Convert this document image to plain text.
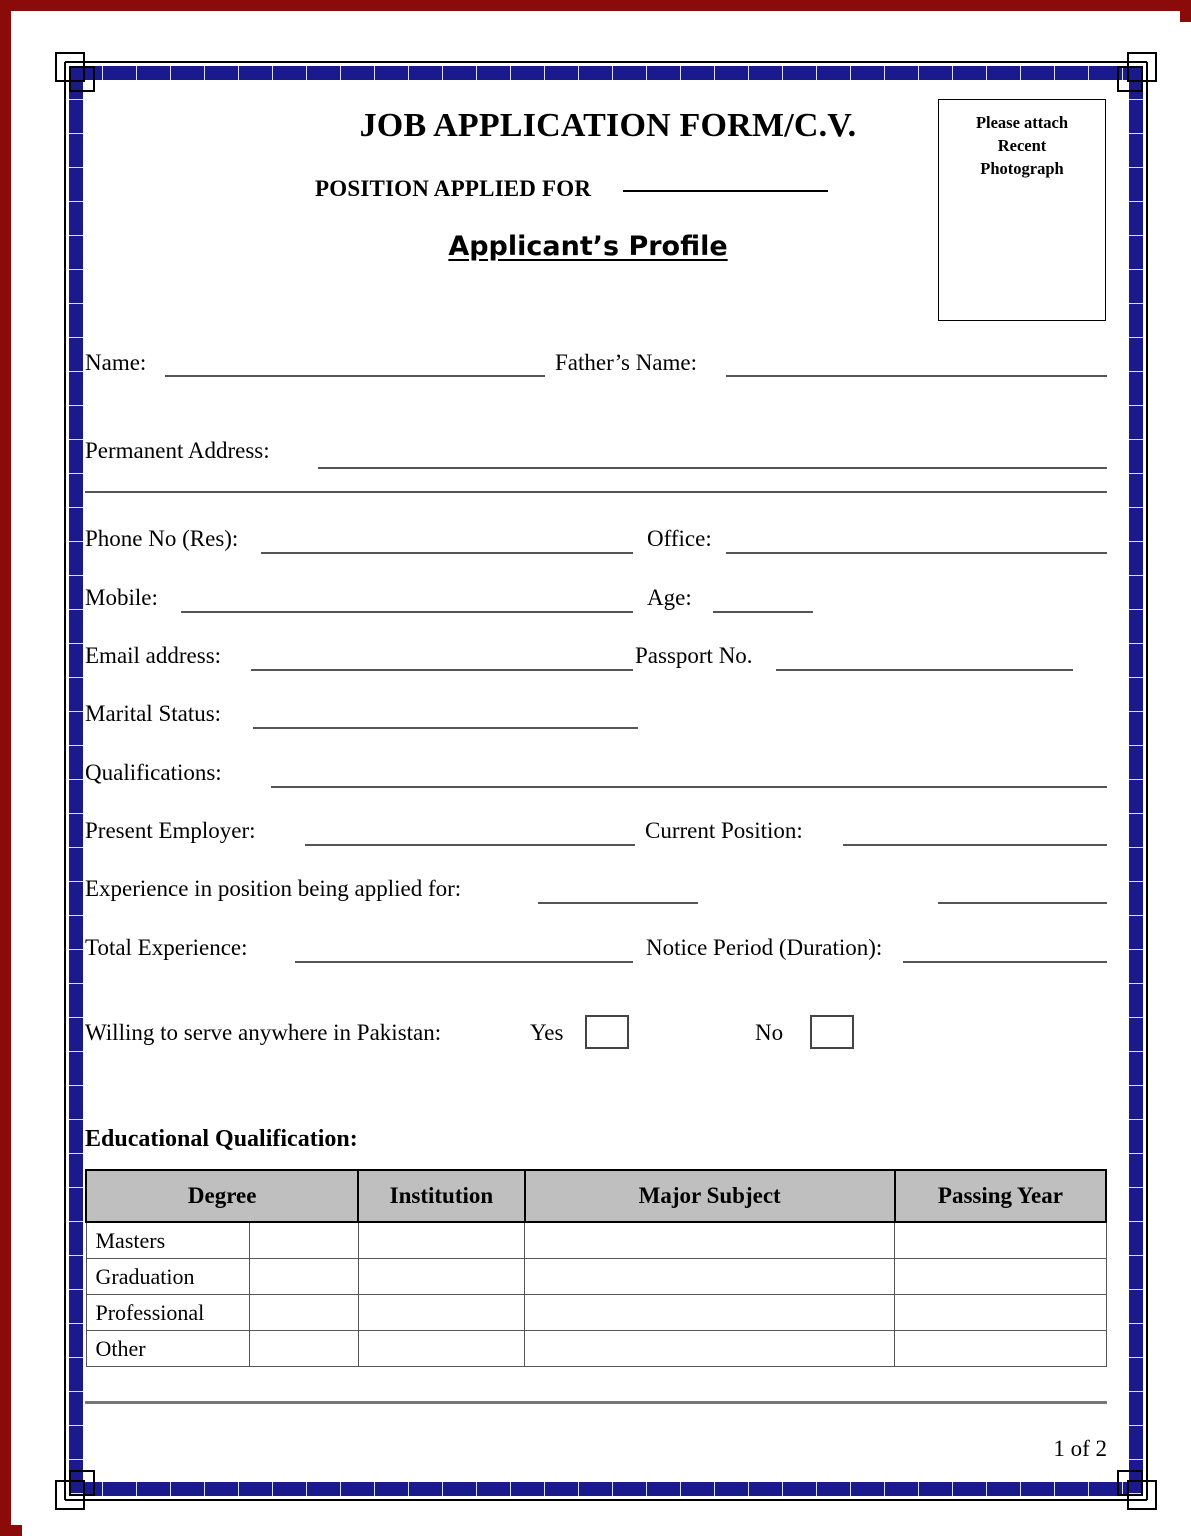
JOB APPLICATION FORM/C.V.
POSITION APPLIED FOR
Applicant’s Profile
Please attach
Recent
Photograph
Name:	Father’s Name:
Permanent Address:
Phone No (Res):	Office:
Mobile:	Age:
Email address:	Passport No.
Marital Status:
Qualifications:
Present Employer:	Current Position:
Experience in position being applied for:
Total Experience:	Notice Period (Duration):
Willing to serve anywhere in Pakistan:	Yes	No
Educational Qualification:
Degree		Institution	Major Subject	Passing Year
Masters				
Graduation				
Professional				
Other				
1 of 2
